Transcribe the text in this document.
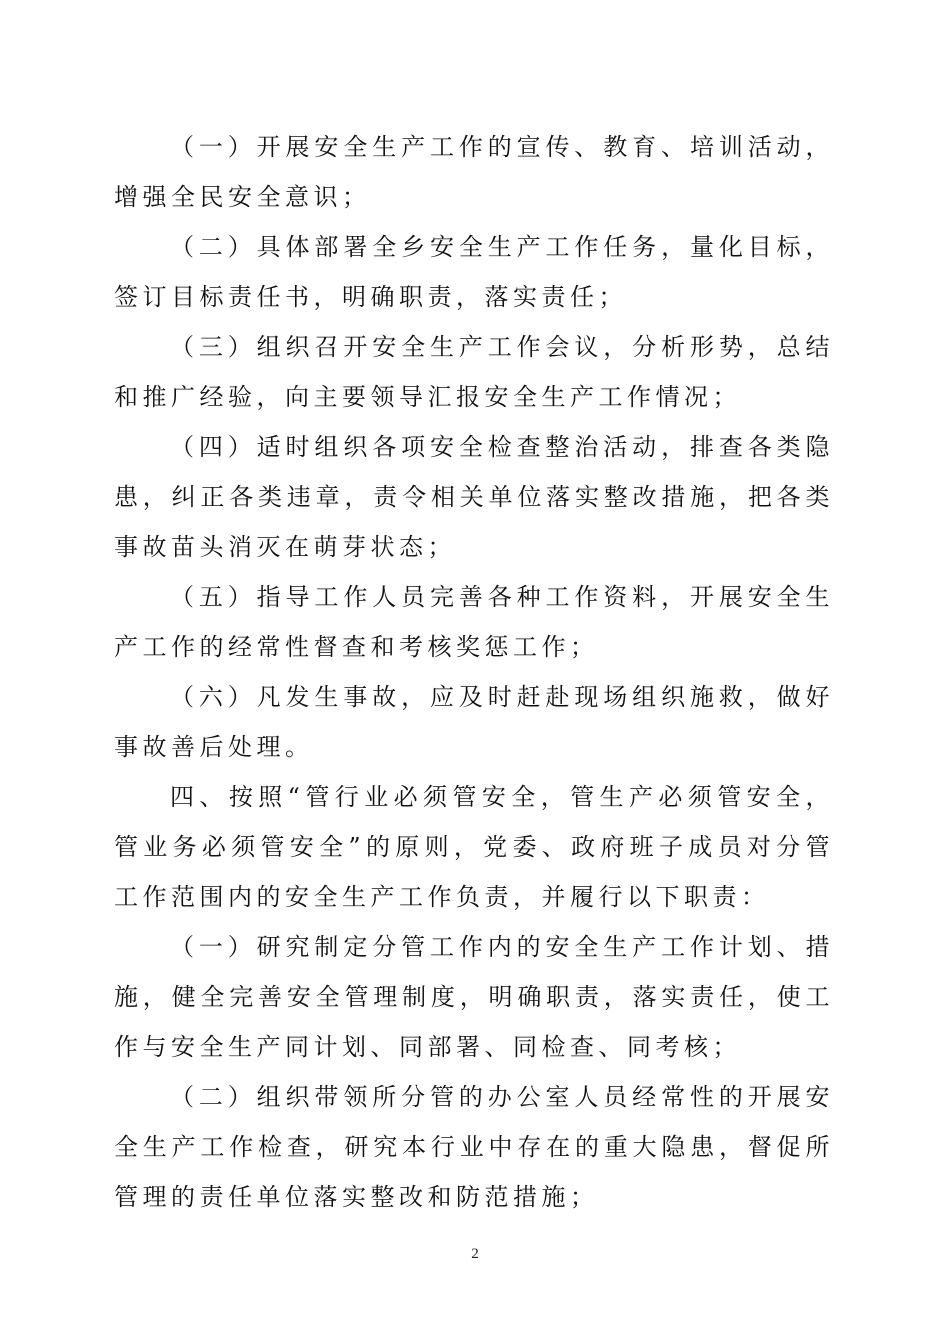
（一）开展安全生产工作的宣传、教育、培训活动，增强全民安全意识；

（二）具体部署全乡安全生产工作任务，量化目标，签订目标责任书，明确职责，落实责任；

（三）组织召开安全生产工作会议，分析形势，总结和推广经验，向主要领导汇报安全生产工作情况；

（四）适时组织各项安全检查整治活动，排查各类隐患，纠正各类违章，责令相关单位落实整改措施，把各类事故苗头消灭在萌芽状态；

（五）指导工作人员完善各种工作资料，开展安全生产工作的经常性督查和考核奖惩工作；

（六）凡发生事故，应及时赶赴现场组织施救，做好事故善后处理。

四、按照“管行业必须管安全，管生产必须管安全，管业务必须管安全”的原则，党委、政府班子成员对分管工作范围内的安全生产工作负责，并履行以下职责：

（一）研究制定分管工作内的安全生产工作计划、措施，健全完善安全管理制度，明确职责，落实责任，使工作与安全生产同计划、同部署、同检查、同考核；

（二）组织带领所分管的办公室人员经常性的开展安全生产工作检查，研究本行业中存在的重大隐患，督促所管理的责任单位落实整改和防范措施；

2
